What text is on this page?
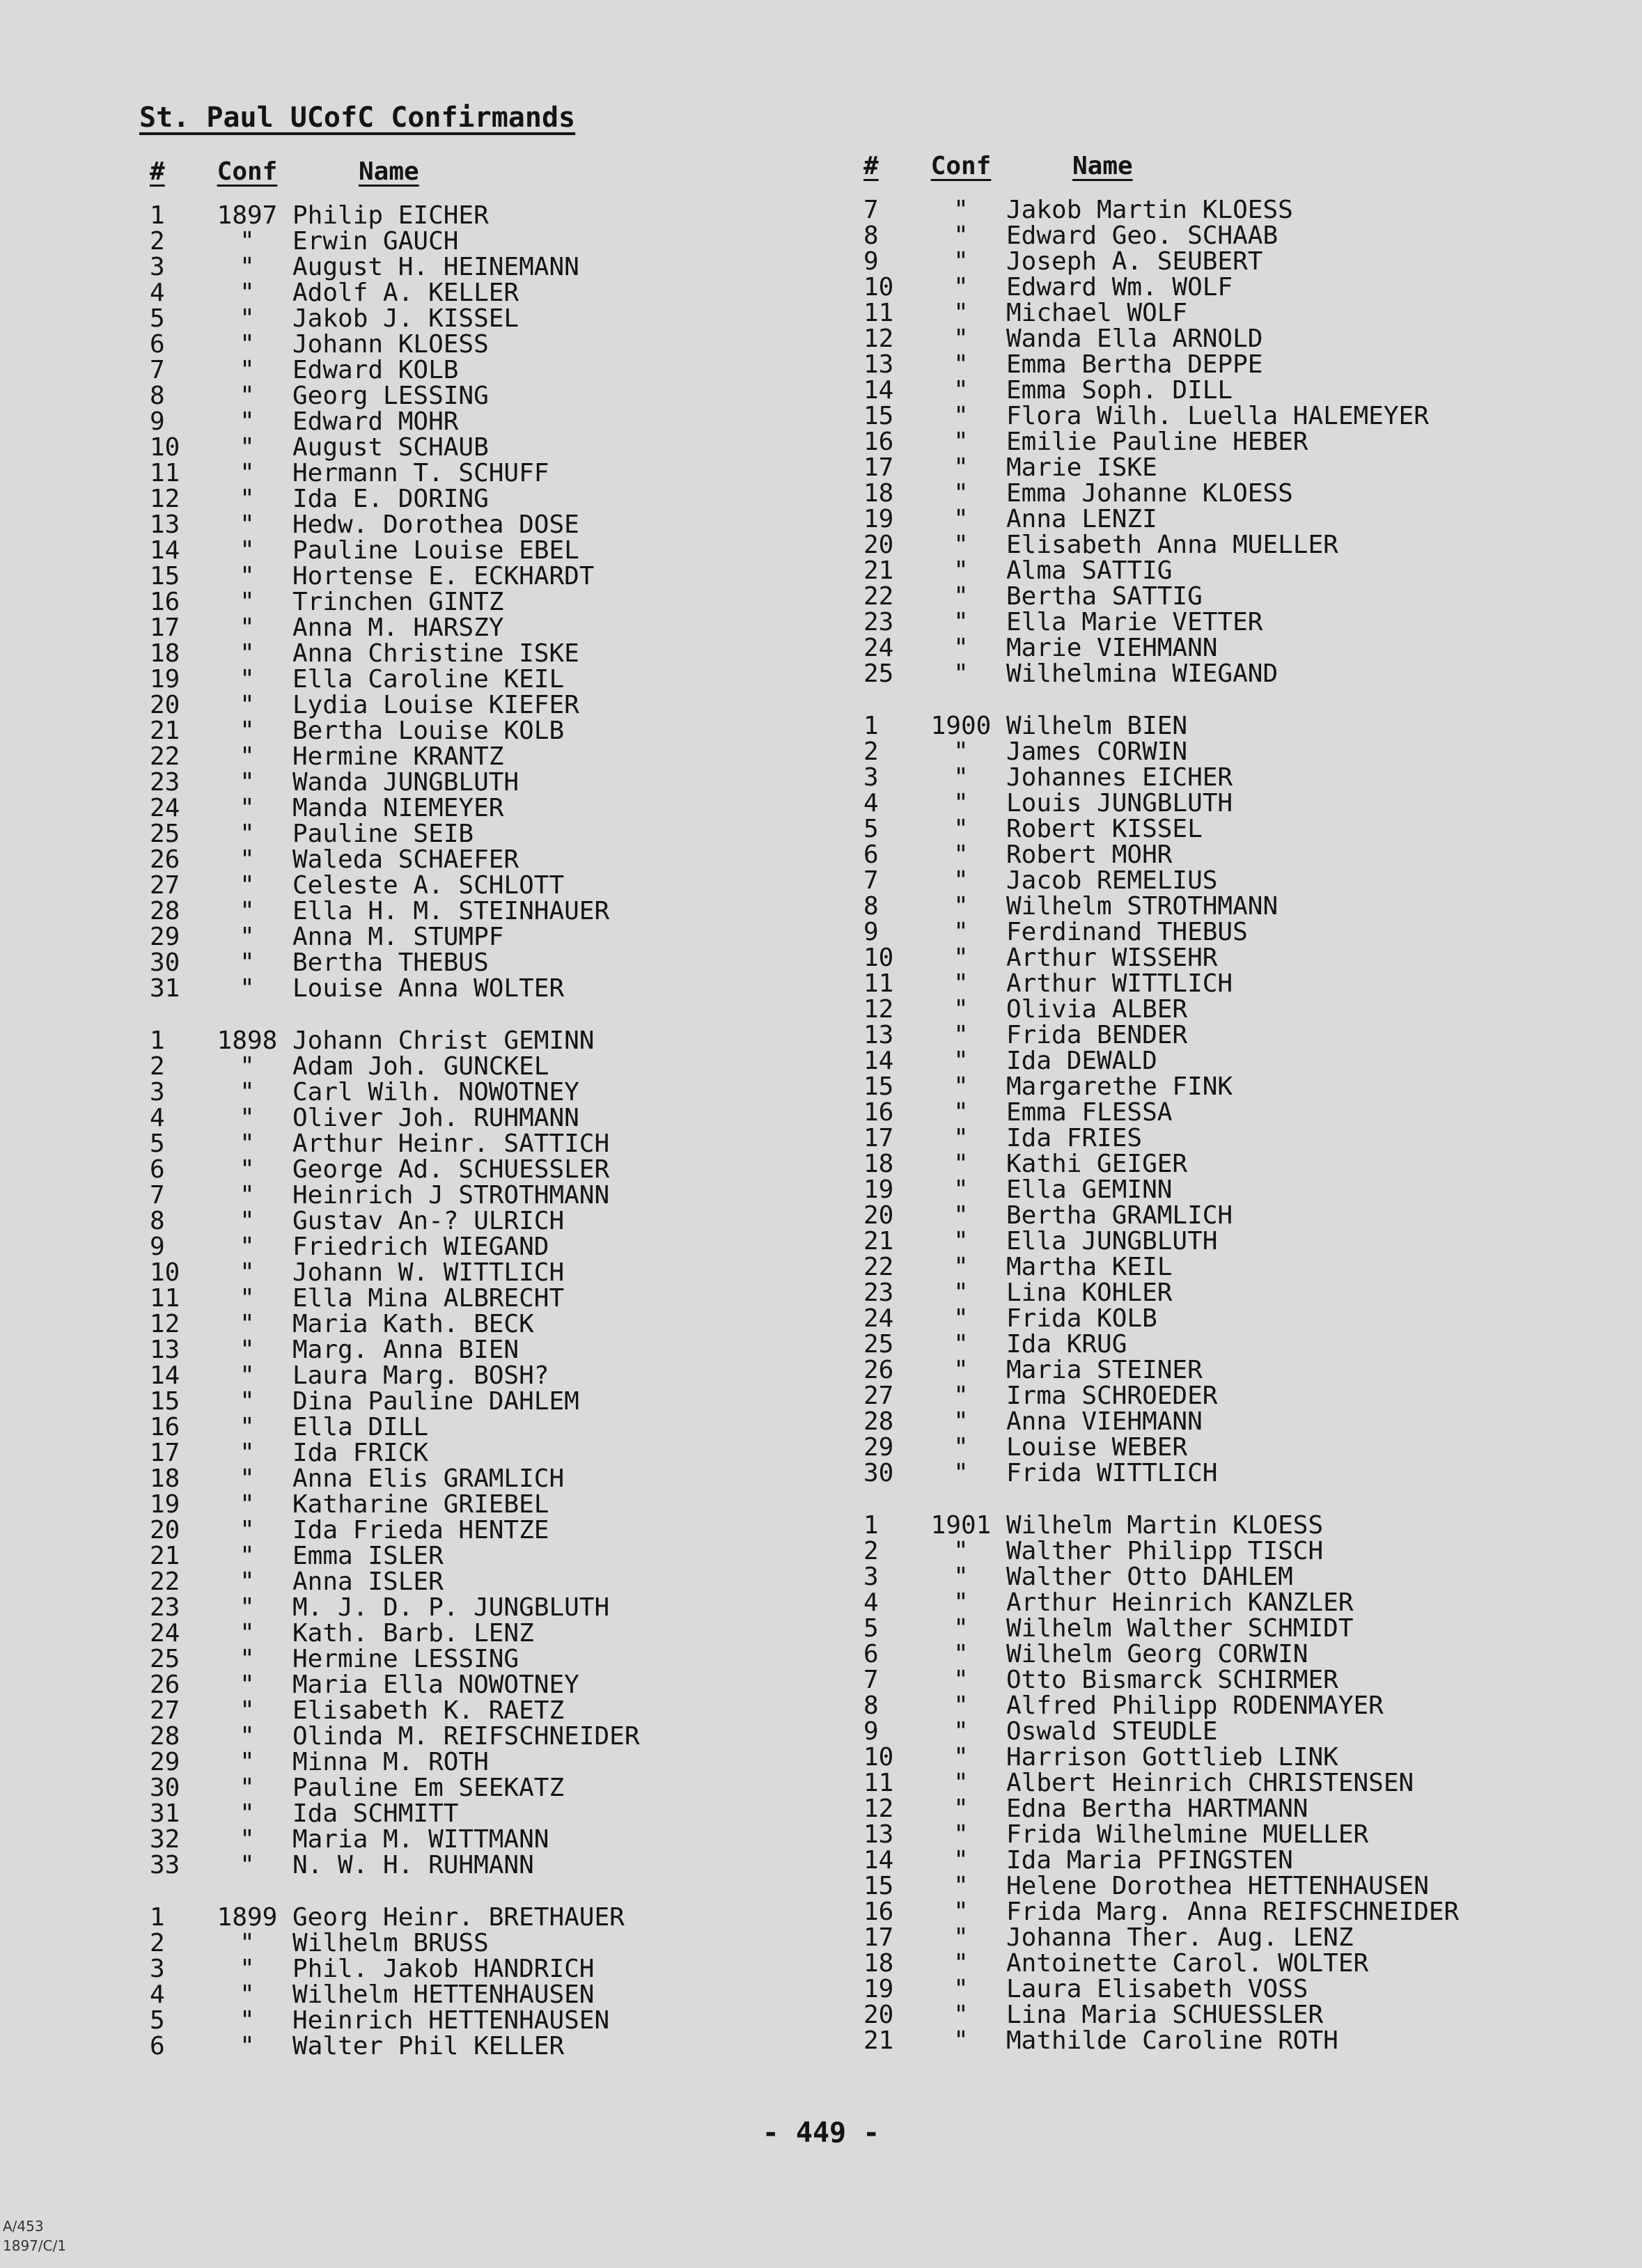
St. Paul UCofC Confirmands
#	Conf	Name
1	1897 Philip EICHER
2	"	Erwin GAUCH
3	"	August H. HEINEMANN
4	"	Adolf A. KELLER
5	"	Jakob J. KISSEL
6	"	Johann KLOESS
7	"	Edward KOLB
8	"	Georg LESSING
9	"	Edward MOHR
10	"	August SCHAUB
11	"	Hermann T. SCHUFF
12	"	Ida E. DORING
13	"	Hedw. Dorothea DOSE
14	"	Pauline Louise EBEL
15	"	Hortense E. ECKHARDT
16	"	Trinchen GINTZ
17	"	Anna M. HARSZY
18	"	Anna Christine ISKE
19	"	Ella Caroline KEIL
20	"	Lydia Louise KIEFER
21	"	Bertha Louise KOLB
22	"	Hermine KRANTZ
23	"	Wanda JUNGBLUTH
24	"	Manda NIEMEYER
25	"	Pauline SEIB
26	"	Waleda SCHAEFER
27	"	Celeste A. SCHLOTT
28	"	Ella H. M. STEINHAUER
29	"	Anna M. STUMPF
30	"	Bertha THEBUS
31	"	Louise Anna WOLTER
1	1898 Johann Christ GEMINN
2	"	Adam Joh. GUNCKEL
3	"	Carl Wilh. NOWOTNEY
4	"	Oliver Joh. RUHMANN
5	"	Arthur Heinr. SATTICH
6	"	George Ad. SCHUESSLER
7	"	Heinrich J STROTHMANN
8	"	Gustav An-? ULRICH
9	"	Friedrich WIEGAND
10	"	Johann W. WITTLICH
11	"	Ella Mina ALBRECHT
12	"	Maria Kath. BECK
13	"	Marg. Anna BIEN
14	"	Laura Marg. BOSH?
15	"	Dina Pauline DAHLEM
16	"	Ella DILL
17	"	Ida FRICK
18	"	Anna Elis GRAMLICH
19	"	Katharine GRIEBEL
20	"	Ida Frieda HENTZE
21	"	Emma ISLER
22	"	Anna ISLER
23	"	M. J. D. P. JUNGBLUTH
24	"	Kath. Barb. LENZ
25	"	Hermine LESSING
26	"	Maria Ella NOWOTNEY
27	"	Elisabeth K. RAETZ
28	"	Olinda M. REIFSCHNEIDER
29	"	Minna M. ROTH
30	"	Pauline Em SEEKATZ
31	"	Ida SCHMITT
32	"	Maria M. WITTMANN
33	"	N. W. H. RUHMANN
1	1899 Georg Heinr. BRETHAUER
2	"	Wilhelm BRUSS
3	"	Phil. Jakob HANDRICH
4	"	Wilhelm HETTENHAUSEN
5	"	Heinrich HETTENHAUSEN
6	"	Walter Phil KELLER
#	Conf	Name
7	"	Jakob Martin KLOESS
8	"	Edward Geo. SCHAAB
9	"	Joseph A. SEUBERT
10	"	Edward Wm. WOLF
11	"	Michael WOLF
12	"	Wanda Ella ARNOLD
13	"	Emma Bertha DEPPE
14	"	Emma Soph. DILL
15	"	Flora Wilh. Luella HALEMEYER
16	"	Emilie Pauline HEBER
17	"	Marie ISKE
18	"	Emma Johanne KLOESS
19	"	Anna LENZI
20	"	Elisabeth Anna MUELLER
21	"	Alma SATTIG
22	"	Bertha SATTIG
23	"	Ella Marie VETTER
24	"	Marie VIEHMANN
25	"	Wilhelmina WIEGAND
1	1900 Wilhelm BIEN
2	"	James CORWIN
3	"	Johannes EICHER
4	"	Louis JUNGBLUTH
5	"	Robert KISSEL
6	"	Robert MOHR
7	"	Jacob REMELIUS
8	"	Wilhelm STROTHMANN
9	"	Ferdinand THEBUS
10	"	Arthur WISSEHR
11	"	Arthur WITTLICH
12	"	Olivia ALBER
13	"	Frida BENDER
14	"	Ida DEWALD
15	"	Margarethe FINK
16	"	Emma FLESSA
17	"	Ida FRIES
18	"	Kathi GEIGER
19	"	Ella GEMINN
20	"	Bertha GRAMLICH
21	"	Ella JUNGBLUTH
22	"	Martha KEIL
23	"	Lina KOHLER
24	"	Frida KOLB
25	"	Ida KRUG
26	"	Maria STEINER
27	"	Irma SCHROEDER
28	"	Anna VIEHMANN
29	"	Louise WEBER
30	"	Frida WITTLICH
1	1901 Wilhelm Martin KLOESS
2	"	Walther Philipp TISCH
3	"	Walther Otto DAHLEM
4	"	Arthur Heinrich KANZLER
5	"	Wilhelm Walther SCHMIDT
6	"	Wilhelm Georg CORWIN
7	"	Otto Bismarck SCHIRMER
8	"	Alfred Philipp RODENMAYER
9	"	Oswald STEUDLE
10	"	Harrison Gottlieb LINK
11	"	Albert Heinrich CHRISTENSEN
12	"	Edna Bertha HARTMANN
13	"	Frida Wilhelmine MUELLER
14	"	Ida Maria PFINGSTEN
15	"	Helene Dorothea HETTENHAUSEN
16	"	Frida Marg. Anna REIFSCHNEIDER
17	"	Johanna Ther. Aug. LENZ
18	"	Antoinette Carol. WOLTER
19	"	Laura Elisabeth VOSS
20	"	Lina Maria SCHUESSLER
21	"	Mathilde Caroline ROTH
- 449 -
A/453
1897/C/1
